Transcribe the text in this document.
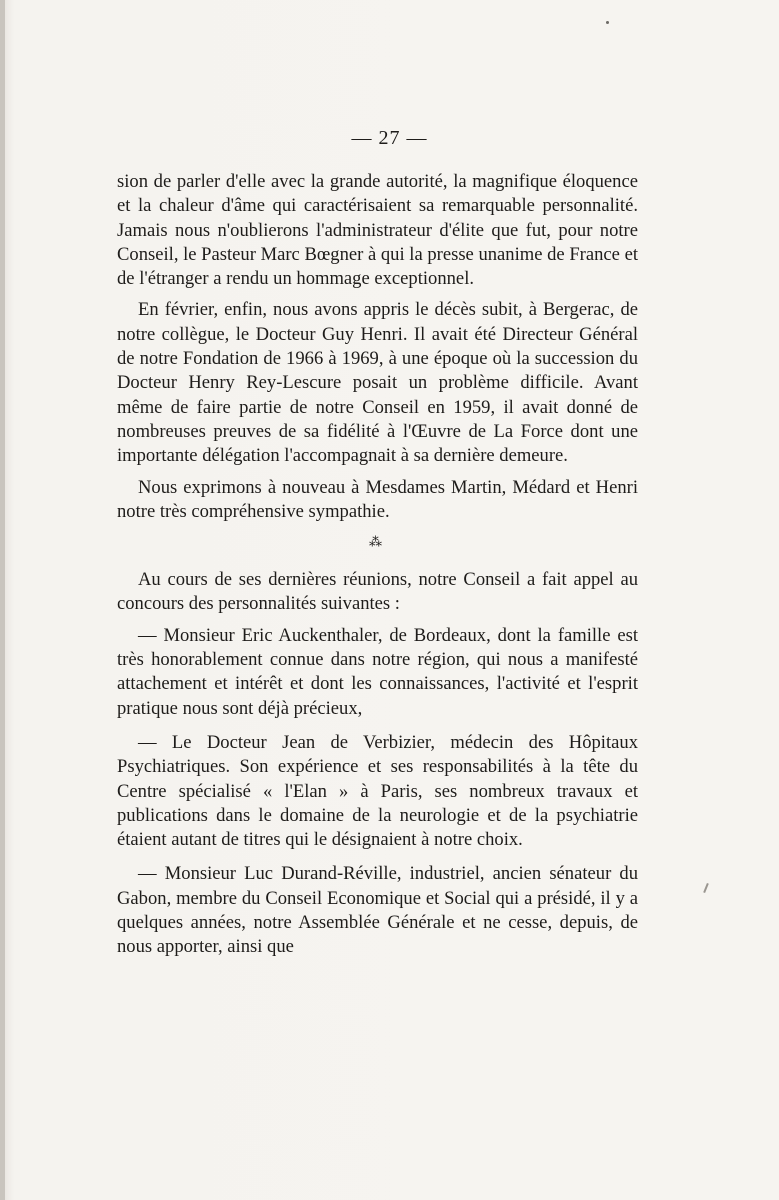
— 27 —

sion de parler d'elle avec la grande autorité, la magnifique éloquence et la chaleur d'âme qui caractérisaient sa remarquable personnalité. Jamais nous n'oublierons l'administrateur d'élite que fut, pour notre Conseil, le Pasteur Marc Bœgner à qui la presse unanime de France et de l'étranger a rendu un hommage exceptionnel.

En février, enfin, nous avons appris le décès subit, à Bergerac, de notre collègue, le Docteur Guy Henri. Il avait été Directeur Général de notre Fondation de 1966 à 1969, à une époque où la succession du Docteur Henry Rey-Lescure posait un problème difficile. Avant même de faire partie de notre Conseil en 1959, il avait donné de nombreuses preuves de sa fidélité à l'Œuvre de La Force dont une importante délégation l'accompagnait à sa dernière demeure.

Nous exprimons à nouveau à Mesdames Martin, Médard et Henri notre très compréhensive sympathie.

⁂

Au cours de ses dernières réunions, notre Conseil a fait appel au concours des personnalités suivantes :

— Monsieur Eric Auckenthaler, de Bordeaux, dont la famille est très honorablement connue dans notre région, qui nous a manifesté attachement et intérêt et dont les connaissances, l'activité et l'esprit pratique nous sont déjà précieux,

— Le Docteur Jean de Verbizier, médecin des Hôpitaux Psychiatriques. Son expérience et ses responsabilités à la tête du Centre spécialisé « l'Elan » à Paris, ses nombreux travaux et publications dans le domaine de la neurologie et de la psychiatrie étaient autant de titres qui le désignaient à notre choix.

— Monsieur Luc Durand-Réville, industriel, ancien sénateur du Gabon, membre du Conseil Economique et Social qui a présidé, il y a quelques années, notre Assemblée Générale et ne cesse, depuis, de nous apporter, ainsi que
